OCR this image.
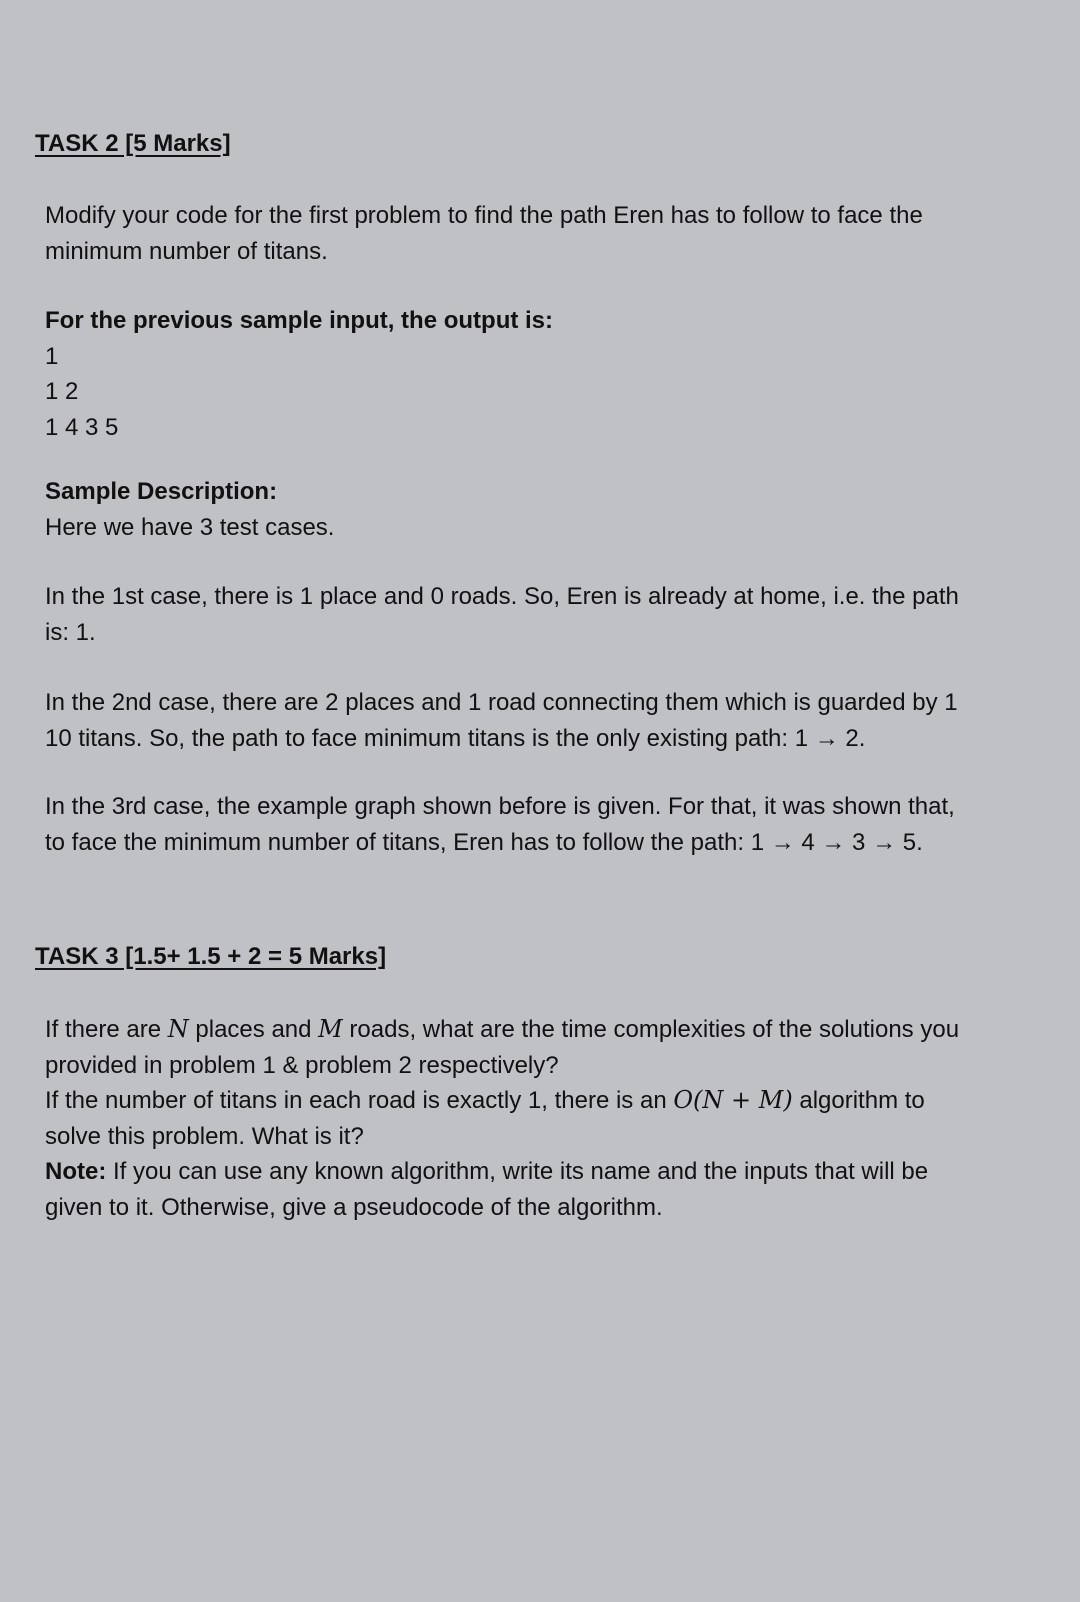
TASK 2 [5 Marks]
Modify your code for the first problem to find the path Eren has to follow to face the
minimum number of titans.
For the previous sample input, the output is:
1
1 2
1 4 3 5
Sample Description:
Here we have 3 test cases.
In the 1st case, there is 1 place and 0 roads. So, Eren is already at home, i.e. the path
is: 1.
In the 2nd case, there are 2 places and 1 road connecting them which is guarded by 1
10 titans. So, the path to face minimum titans is the only existing path: 1 → 2.
In the 3rd case, the example graph shown before is given. For that, it was shown that,
to face the minimum number of titans, Eren has to follow the path: 1 → 4 → 3 → 5.
TASK 3 [1.5+ 1.5 + 2 = 5 Marks]
If there are N places and M roads, what are the time complexities of the solutions you
provided in problem 1 & problem 2 respectively?
If the number of titans in each road is exactly 1, there is an O(N + M) algorithm to
solve this problem. What is it?
Note: If you can use any known algorithm, write its name and the inputs that will be
given to it. Otherwise, give a pseudocode of the algorithm.
